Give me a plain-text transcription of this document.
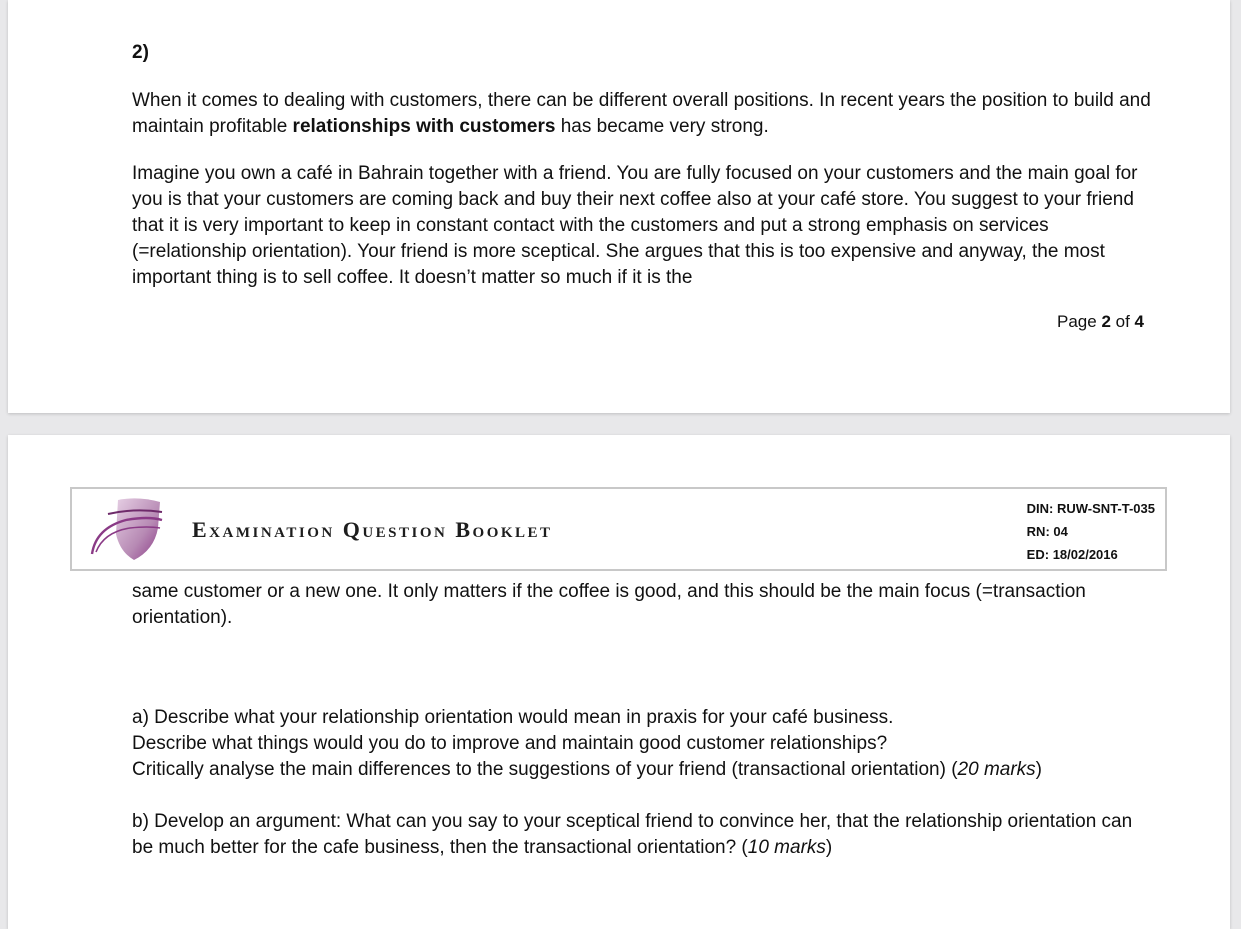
2)

When it comes to dealing with customers, there can be different overall positions. In recent years the position to build and maintain profitable relationships with customers has became very strong.

Imagine you own a café in Bahrain together with a friend. You are fully focused on your customers and the main goal for you is that your customers are coming back and buy their next coffee also at your café store. You suggest to your friend that it is very important to keep in constant contact with the customers and put a strong emphasis on services (=relationship orientation). Your friend is more sceptical. She argues that this is too expensive and anyway, the most important thing is to sell coffee. It doesn’t matter so much if it is the

Page 2 of 4
Examination Question Booklet
DIN: RUW-SNT-T-035
RN: 04
ED: 18/02/2016

same customer or a new one. It only matters if the coffee is good, and this should be the main focus (=transaction orientation).

a) Describe what your relationship orientation would mean in praxis for your café business.
Describe what things would you do to improve and maintain good customer relationships?
Critically analyse the main differences to the suggestions of your friend (transactional orientation) (20 marks)

b) Develop an argument: What can you say to your sceptical friend to convince her, that the relationship orientation can be much better for the cafe business, then the transactional orientation? (10 marks)
